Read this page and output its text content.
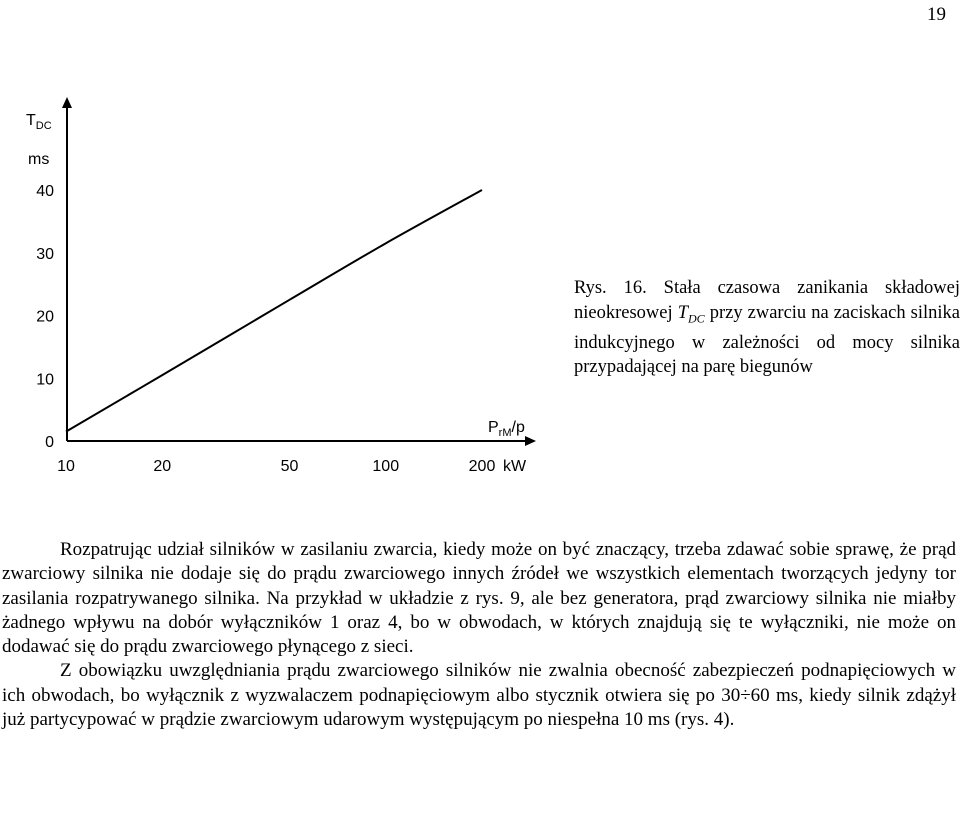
19
0
10
20
30
40
10	20	50	100	200
$T_{DC}$
ms
$P_{rM}/p$
kW
Rys. 16. Stała czasowa zanikania składowej nieokresowej $T_{DC}$ przy zwarciu na zaciskach silnika indukcyjnego w zależności od mocy silnika przypadającej na parę biegunów

Rozpatrując udział silników w zasilaniu zwarcia, kiedy może on być znaczący, trzeba zdawać sobie sprawę, że prąd zwarciowy silnika nie dodaje się do prądu zwarciowego innych źródeł we wszystkich elementach tworzących jedyny tor zasilania rozpatrywanego silnika. Na przykład w układzie z rys. 9, ale bez generatora, prąd zwarciowy silnika nie miałby żadnego wpływu na dobór wyłączników 1 oraz 4, bo w obwodach, w których znajdują się te wyłączniki, nie może on dodawać się do prądu zwarciowego płynącego z sieci.

Z obowiązku uwzględniania prądu zwarciowego silników nie zwalnia obecność zabezpieczeń podnapięciowych w ich obwodach, bo wyłącznik z wyzwalaczem podnapięciowym albo stycznik otwiera się po 30÷60 ms, kiedy silnik zdążył już partycypować w prądzie zwarciowym udarowym występującym po niespełna 10 ms (rys. 4).
